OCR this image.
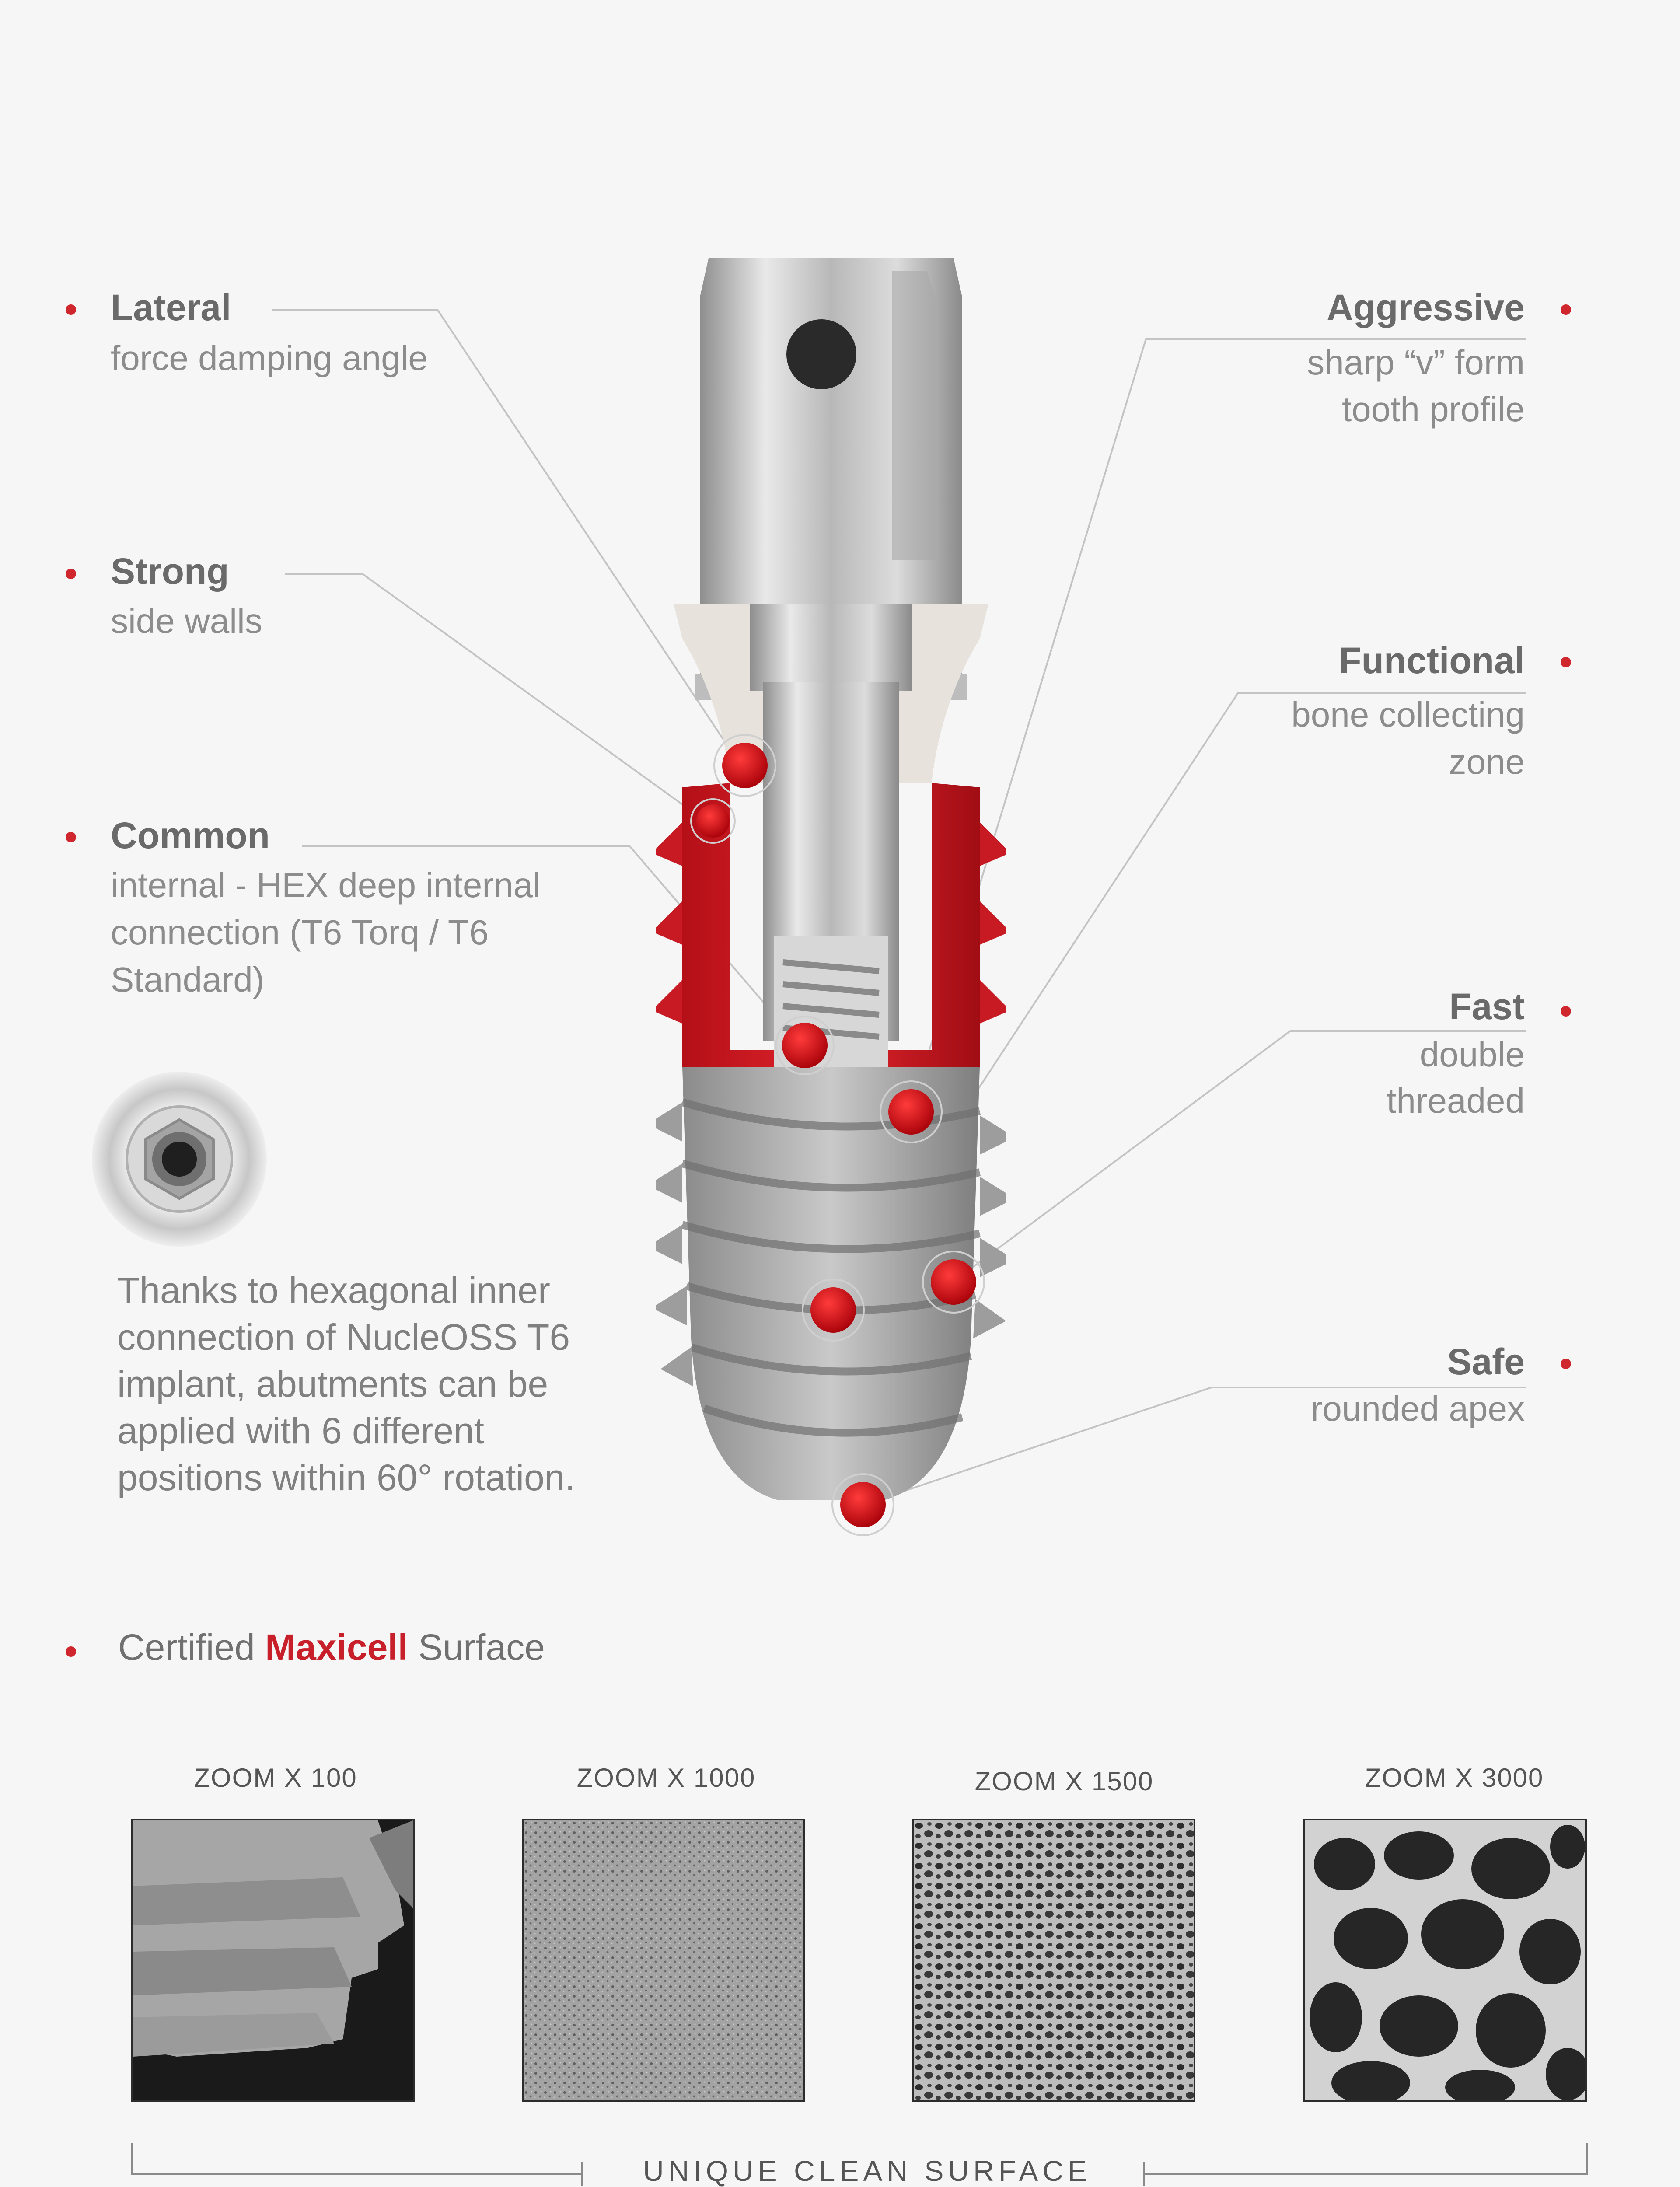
Lateral
force damping angle
Strong
side walls
Common
internal - HEX deep internal connection (T6 Torq / T6 Standard)
Thanks to hexagonal inner connection of NucleOSS T6 implant, abutments can be applied with 6 different positions within 60° rotation.
Aggressive
sharp “v” form
tooth profile
Functional
bone collecting
zone
Fast
double
threaded
Safe
rounded apex
Certified Maxicell Surface
ZOOM X 100	ZOOM X 1000	ZOOM X 1500	ZOOM X 3000
UNIQUE CLEAN SURFACE
